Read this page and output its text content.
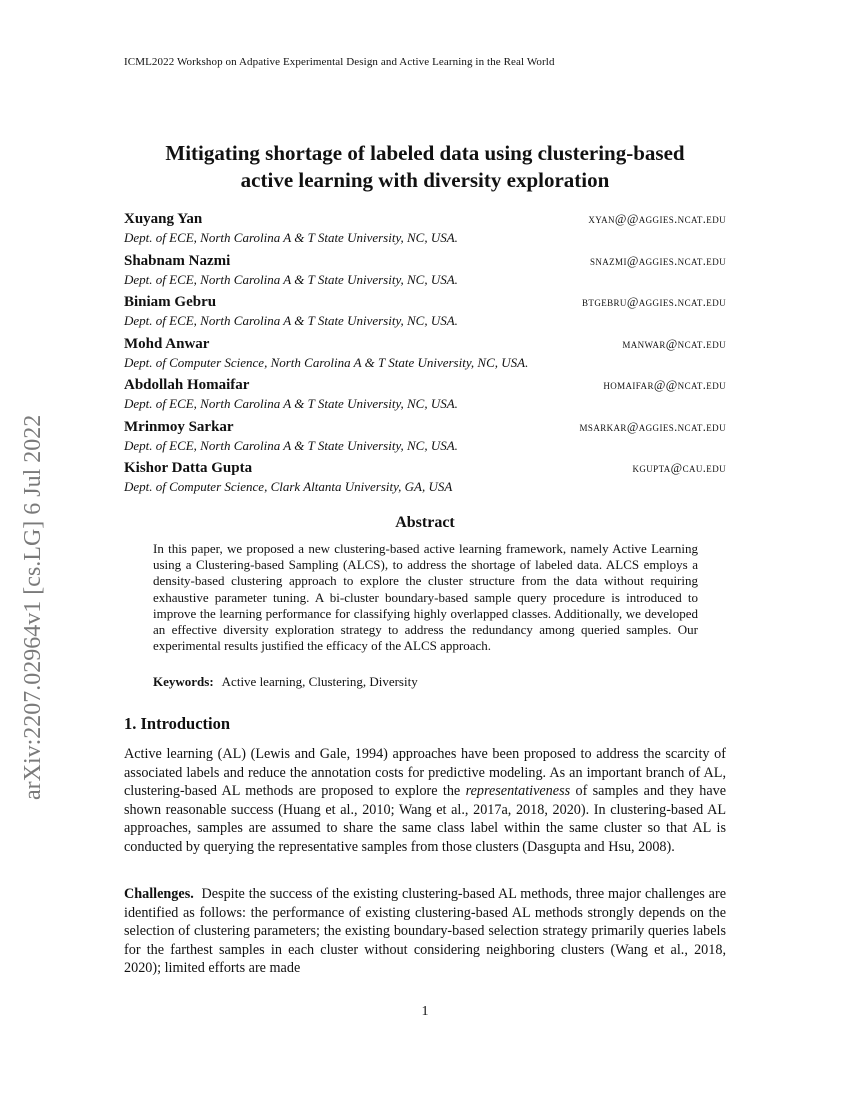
ICML2022 Workshop on Adpative Experimental Design and Active Learning in the Real World
arXiv:2207.02964v1 [cs.LG] 6 Jul 2022
Mitigating shortage of labeled data using clustering-based
active learning with diversity exploration
Xuyang Yan	xyan@@aggies.ncat.edu
Dept. of ECE, North Carolina A & T State University, NC, USA.
Shabnam Nazmi	snazmi@aggies.ncat.edu
Dept. of ECE, North Carolina A & T State University, NC, USA.
Biniam Gebru	btgebru@aggies.ncat.edu
Dept. of ECE, North Carolina A & T State University, NC, USA.
Mohd Anwar	manwar@ncat.edu
Dept. of Computer Science, North Carolina A & T State University, NC, USA.
Abdollah Homaifar	homaifar@@ncat.edu
Dept. of ECE, North Carolina A & T State University, NC, USA.
Mrinmoy Sarkar	msarkar@aggies.ncat.edu
Dept. of ECE, North Carolina A & T State University, NC, USA.
Kishor Datta Gupta	kgupta@cau.edu
Dept. of Computer Science, Clark Altanta University, GA, USA
Abstract
In this paper, we proposed a new clustering-based active learning framework, namely Active Learning using a Clustering-based Sampling (ALCS), to address the shortage of labeled data. ALCS employs a density-based clustering approach to explore the cluster structure from the data without requiring exhaustive parameter tuning. A bi-cluster boundary-based sample query procedure is introduced to improve the learning performance for classifying highly overlapped classes. Additionally, we developed an effective diversity exploration strategy to address the redundancy among queried samples. Our experimental results justified the efficacy of the ALCS approach.
Keywords: Active learning, Clustering, Diversity
1. Introduction
Active learning (AL) (Lewis and Gale, 1994) approaches have been proposed to address the scarcity of associated labels and reduce the annotation costs for predictive modeling. As an important branch of AL, clustering-based AL methods are proposed to explore the representativeness of samples and they have shown reasonable success (Huang et al., 2010; Wang et al., 2017a, 2018, 2020). In clustering-based AL approaches, samples are assumed to share the same class label within the same cluster so that AL is conducted by querying the representative samples from those clusters (Dasgupta and Hsu, 2008).
Challenges. Despite the success of the existing clustering-based AL methods, three major challenges are identified as follows: the performance of existing clustering-based AL methods strongly depends on the selection of clustering parameters; the existing boundary-based selection strategy primarily queries labels for the farthest samples in each cluster without considering neighboring clusters (Wang et al., 2018, 2020); limited efforts are made
1
